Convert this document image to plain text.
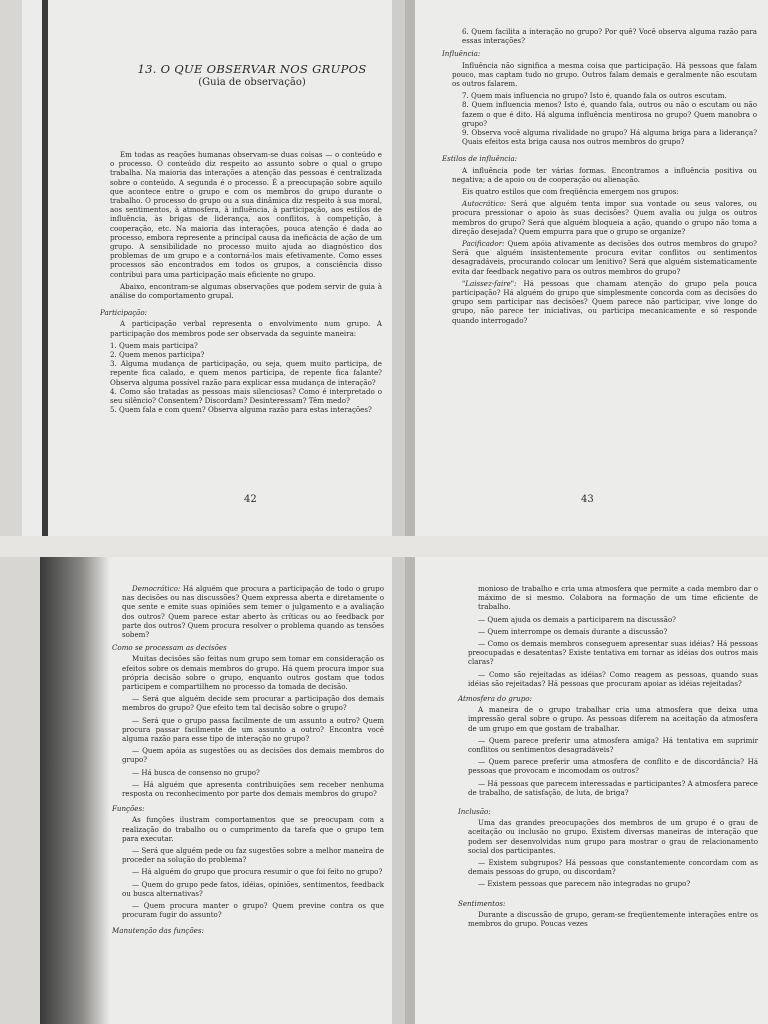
13. O QUE OBSERVAR NOS GRUPOS
(Guia de observação)

Em todas as reações humanas observam-se duas coisas — o conteúdo e o processo. O conteúdo diz respeito ao assunto sobre o qual o grupo trabalha. Na maioria das interações a atenção das pessoas é centralizada sobre o conteúdo. A segunda é o processo. É a preocupação sobre aquilo que acontece entre o grupo e com os membros do grupo durante o trabalho. O processo do grupo ou a sua dinâmica diz respeito à sua moral, aos sentimentos, à atmosfera, à influência, à participação, aos estilos de influência, às brigas de liderança, aos conflitos, à competição, à cooperação, etc. Na maioria das interações, pouca atenção é dada ao processo, embora represente a principal causa da ineficácia de ação de um grupo. A sensibilidade no processo muito ajuda ao diagnóstico dos problemas de um grupo e a contorná-los mais efetivamente. Como esses processos são encontrados em todos os grupos, a consciência disso contribui para uma participação mais eficiente no grupo.

Abaixo, encontram-se algumas observações que podem servir de guia à análise do comportamento grupal.

Participação:

A participação verbal representa o envolvimento num grupo. A participação dos membros pode ser observada da seguinte maneira:

1. Quem mais participa?

2. Quem menos participa?

3. Alguma mudança de participação, ou seja, quem muito participa, de repente fica calado, e quem menos participa, de repente fica falante? Observa alguma possível razão para explicar essa mudança de interação?

4. Como são tratadas as pessoas mais silenciosas? Como é interpretado o seu silêncio? Consentem? Discordam? Desinteressam? Têm medo?

5. Quem fala e com quem? Observa alguma razão para estas interações?

42

6. Quem facilita a interação no grupo? Por quê? Você observa alguma razão para essas interações?

Influência:

Influência não significa a mesma coisa que participação. Há pessoas que falam pouco, mas captam tudo no grupo. Outros falam demais e geralmente não escutam os outros falarem.

7. Quem mais influencia no grupo? Isto é, quando fala os outros escutam.

8. Quem influencia menos? Isto é, quando fala, outros ou não o escutam ou não fazem o que é dito. Há alguma influência mentirosa no grupo? Quem manobra o grupo?

9. Observa você alguma rivalidade no grupo? Há alguma briga para a liderança? Quais efeitos esta briga causa nos outros membros do grupo?

Estilos de influência:

A influência pode ter várias formas. Encontramos a influência positiva ou negativa; a de apoio ou de cooperação ou alienação.

Eis quatro estilos que com freqüência emergem nos grupos:

Autocrático: Será que alguém tenta impor sua vontade ou seus valores, ou procura pressionar o apoio às suas decisões? Quem avalia ou julga os outros membros do grupo? Será que alguém bloqueia a ação, quando o grupo não toma a direção desejada? Quem empurra para que o grupo se organize?

Pacificador: Quem apóia ativamente as decisões dos outros membros do grupo? Será que alguém insistentemente procura evitar conflitos ou sentimentos desagradáveis, procurando colocar um lenitivo? Será que alguém sistematicamente evita dar feedback negativo para os outros membros do grupo?

"Laissez-faire": Há pessoas que chamam atenção do grupo pela pouca participação? Há alguém do grupo que simplesmente concorda com as decisões do grupo sem participar nas decisões? Quem parece não participar, vive longe do grupo, não parece ter iniciativas, ou participa mecanicamente e só responde quando interrogado?

43

Democrático: Há alguém que procura a participação de todo o grupo nas decisões ou nas discussões? Quem expressa aberta e diretamente o que sente e emite suas opiniões sem temer o julgamento e a avaliação dos outros? Quem parece estar aberto às críticas ou ao feedback por parte dos outros? Quem procura resolver o problema quando as tensões sobem?

Como se processam as decisões

Muitas decisões são feitas num grupo sem tomar em consideração os efeitos sobre os demais membros do grupo. Há quem procura impor sua própria decisão sobre o grupo, enquanto outros gostam que todos participem e compartilhem no processo da tomada de decisão.

— Será que alguém decide sem procurar a participação dos demais membros do grupo? Que efeito tem tal decisão sobre o grupo?

— Será que o grupo passa facilmente de um assunto a outro? Quem procura passar facilmente de um assunto a outro? Encontra você alguma razão para esse tipo de interação no grupo?

— Quem apóia as sugestões ou as decisões dos demais membros do grupo?

— Há busca de consenso no grupo?

— Há alguém que apresenta contribuições sem receber nenhuma resposta ou reconhecimento por parte dos demais membros do grupo?

Funções:

As funções ilustram comportamentos que se preocupam com a realização do trabalho ou o cumprimento da tarefa que o grupo tem para executar.

— Será que alguém pede ou faz sugestões sobre a melhor maneira de proceder na solução do problema?

— Há alguém do grupo que procura resumir o que foi feito no grupo?

— Quem do grupo pede fatos, idéias, opiniões, sentimentos, feedback ou busca alternativas?

— Quem procura manter o grupo? Quem previne contra os que procuram fugir do assunto?

Manutenção das funções:

monioso de trabalho e cria uma atmosfera que permite a cada membro dar o máximo de si mesmo. Colabora na formação de um time eficiente de trabalho.

— Quem ajuda os demais a participarem na discussão?

— Quem interrompe os demais durante a discussão?

— Como os demais membros conseguem apresentar suas idéias? Há pessoas preocupadas e desatentas? Existe tentativa em tornar as idéias dos outros mais claras?

— Como são rejeitadas as idéias? Como reagem as pessoas, quando suas idéias são rejeitadas? Há pessoas que procuram apoiar as idéias rejeitadas?

Atmosfera do grupo:

A maneira de o grupo trabalhar cria uma atmosfera que deixa uma impressão geral sobre o grupo. As pessoas diferem na aceitação da atmosfera de um grupo em que gostam de trabalhar.

— Quem parece preferir uma atmosfera amiga? Há tentativa em suprimir conflitos ou sentimentos desagradáveis?

— Quem parece preferir uma atmosfera de conflito e de discordância? Há pessoas que provocam e incomodam os outros?

— Há pessoas que parecem interessadas e participantes? A atmosfera parece de trabalho, de satisfação, de luta, de briga?

Inclusão:

Uma das grandes preocupações dos membros de um grupo é o grau de aceitação ou inclusão no grupo. Existem diversas maneiras de interação que podem ser desenvolvidas num grupo para mostrar o grau de relacionamento social dos participantes.

— Existem subgrupos? Há pessoas que constantemente concordam com as demais pessoas do grupo, ou discordam?

— Existem pessoas que parecem não integradas no grupo?

Sentimentos:

Durante a discussão de grupo, geram-se freqüentemente interações entre os membros do grupo. Poucas vezes
